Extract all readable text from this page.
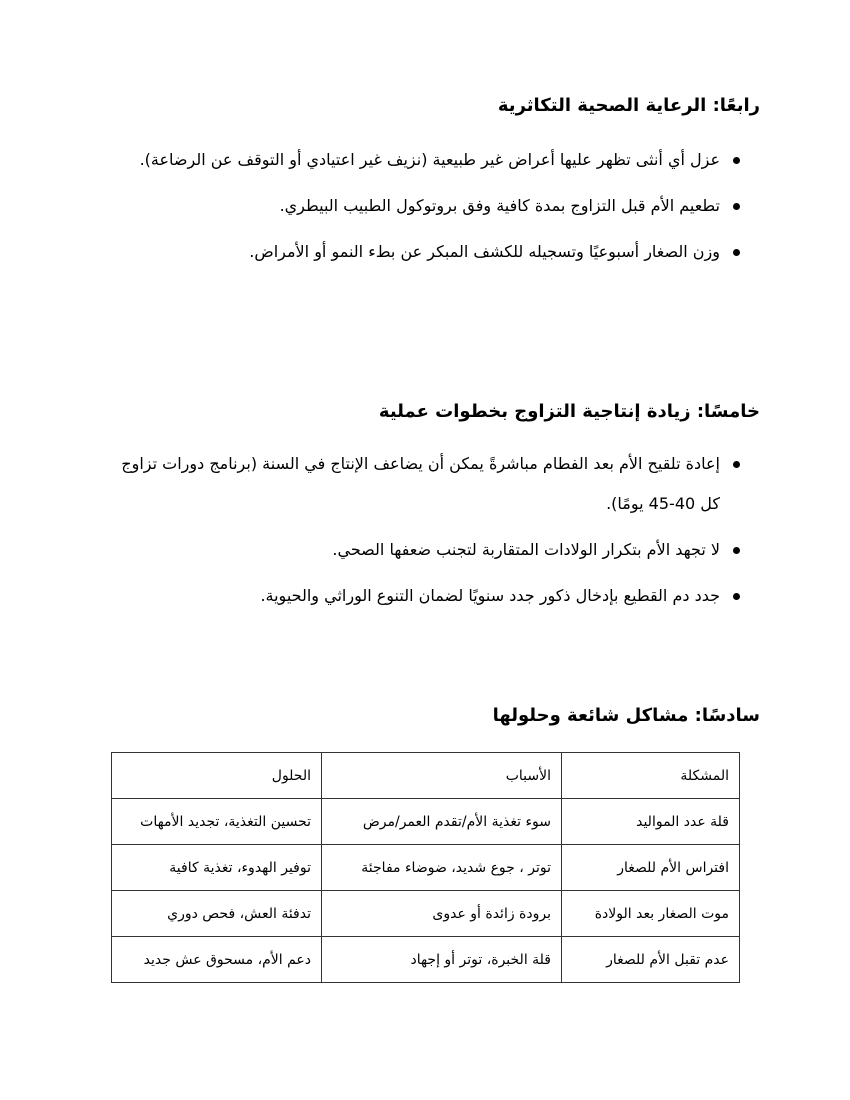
رابعًا: الرعاية الصحية التكاثرية
عزل أي أنثى تظهر عليها أعراض غير طبيعية (نزيف غير اعتيادي أو التوقف عن الرضاعة).
تطعيم الأم قبل التزاوج بمدة كافية وفق بروتوكول الطبيب البيطري.
وزن الصغار أسبوعيًا وتسجيله للكشف المبكر عن بطء النمو أو الأمراض.
خامسًا: زيادة إنتاجية التزاوج بخطوات عملية
إعادة تلقيح الأم بعد الفطام مباشرةً يمكن أن يضاعف الإنتاج في السنة (برنامج دورات تزاوج كل 40-45 يومًا).
لا تجهد الأم بتكرار الولادات المتقاربة لتجنب ضعفها الصحي.
جدد دم القطيع بإدخال ذكور جدد سنويًا لضمان التنوع الوراثي والحيوية.
سادسًا: مشاكل شائعة وحلولها
المشكلة	الأسباب	الحلول
قلة عدد المواليد	سوء تغذية الأم/تقدم العمر/مرض	تحسين التغذية، تجديد الأمهات
افتراس الأم للصغار	توتر ، جوع شديد، ضوضاء مفاجئة	توفير الهدوء، تغذية كافية
موت الصغار بعد الولادة	برودة زائدة أو عدوى	تدفئة العش، فحص دوري
عدم تقبل الأم للصغار	قلة الخبرة، توتر أو إجهاد	دعم الأم، مسحوق عش جديد
